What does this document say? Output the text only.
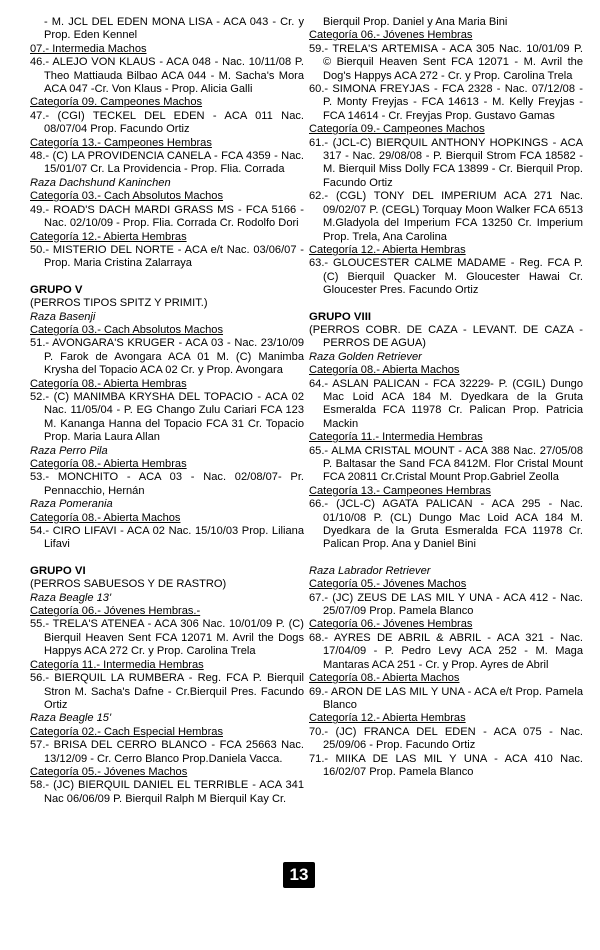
- M. JCL DEL EDEN MONA LISA - ACA 043 - Cr. y Prop. Eden Kennel
07.- Intermedia Machos
46.- ALEJO VON KLAUS - ACA 048 - Nac. 10/11/08 P. Theo Mattiauda Bilbao ACA 044 - M. Sacha's Mora ACA 047 -Cr. Von Klaus - Prop. Alicia Galli
Categoría 09. Campeones Machos
47.- (CGI) TECKEL DEL EDEN - ACA 011 Nac. 08/07/04 Prop. Facundo Ortiz
Categoría 13.- Campeones Hembras
48.- (C) LA PROVIDENCIA CANELA - FCA 4359 - Nac. 15/01/07 Cr. La Providencia - Prop. Flia. Corrada
Raza Dachshund Kaninchen
Categoría 03.- Cach Absolutos Machos
49.- ROAD'S DACH MARDI GRASS MS - FCA 5166 - Nac. 02/10/09 - Prop. Flia. Corrada Cr. Rodolfo Dori
Categoría 12.- Abierta Hembras
50.- MISTERIO DEL NORTE - ACA e/t Nac. 03/06/07 - Prop. Maria Cristina Zalarraya
GRUPO V
(PERROS TIPOS SPITZ Y PRIMIT.)
Raza Basenji
Categoría 03.- Cach Absolutos Machos
51.- AVONGARA'S KRUGER - ACA 03 - Nac. 23/10/09 P. Farok de Avongara ACA 01 M. (C) Manimba Krysha del Topacio ACA 02 Cr. y Prop. Avongara
Categoría 08.- Abierta Hembras
52.- (C) MANIMBA KRYSHA DEL TOPACIO - ACA 02 Nac. 11/05/04 - P. EG Chango Zulu Cariari FCA 123 M. Kananga Hanna del Topacio FCA 31 Cr. Topacio Prop. Maria Laura Allan
Raza Perro Pila
Categoría 08.- Abierta Hembras
53.- MONCHITO - ACA 03 - Nac. 02/08/07- Pr. Pennacchio, Hernán
Raza Pomerania
Categoría 08.- Abierta Machos
54.- CIRO LIFAVI - ACA 02 Nac. 15/10/03 Prop. Liliana Lifavi
GRUPO VI
(PERROS SABUESOS Y DE RASTRO)
Raza Beagle 13'
Categoría 06.- Jóvenes Hembras.-
55.- TRELA'S ATENEA - ACA 306 Nac. 10/01/09 P. (C) Bierquil Heaven Sent FCA 12071 M. Avril the Dogs Happys ACA 272 Cr. y Prop. Carolina Trela
Categoría 11.- Intermedia Hembras
56.- BIERQUIL LA RUMBERA - Reg. FCA P. Bierquil Stron M. Sacha's Dafne - Cr.Bierquil Pres. Facundo Ortiz
Raza Beagle 15'
Categoría 02.- Cach Especial Hembras
57.- BRISA DEL CERRO BLANCO - FCA 25663 Nac. 13/12/09 - Cr. Cerro Blanco Prop.Daniela Vacca.
Categoría 05.- Jóvenes Machos
58.- (JC) BIERQUIL DANIEL EL TERRIBLE - ACA 341 Nac 06/06/09 P. Bierquil Ralph M Bierquil Kay Cr.
Bierquil Prop. Daniel y Ana Maria Bini
Categoría 06.- Jóvenes Hembras
59.- TRELA'S ARTEMISA - ACA 305 Nac. 10/01/09 P. © Bierquil Heaven Sent FCA 12071 - M. Avril the Dog's Happys ACA 272 - Cr. y Prop. Carolina Trela
60.- SIMONA FREYJAS - FCA 2328 - Nac. 07/12/08 - P. Monty Freyjas - FCA 14613 - M. Kelly Freyjas - FCA 14614 - Cr. Freyjas Prop. Gustavo Gamas
Categoría 09.- Campeones Machos
61.- (JCL-C) BIERQUIL ANTHONY HOPKINGS - ACA 317 - Nac. 29/08/08 - P. Bierquil Strom FCA 18582 - M. Bierquil Miss Dolly FCA 13899 - Cr. Bierquil Prop. Facundo Ortiz
62.- (CGL) TONY DEL IMPERIUM ACA 271 Nac. 09/02/07 P. (CEGL) Torquay Moon Walker FCA 6513 M.Gladyola del Imperium FCA 13250 Cr. Imperium Prop. Trela, Ana Carolina
Categoría 12.- Abierta Hembras
63.- GLOUCESTER CALME MADAME - Reg. FCA P. (C) Bierquil Quacker M. Gloucester Hawai Cr. Gloucester Pres. Facundo Ortiz
GRUPO VIII
(PERROS COBR. DE CAZA - LEVANT. DE CAZA - PERROS DE AGUA)
Raza Golden Retriever
Categoría 08.- Abierta Machos
64.- ASLAN PALICAN - FCA 32229- P. (CGIL) Dungo Mac Loid ACA 184 M. Dyedkara de la Gruta Esmeralda FCA 11978 Cr. Palican Prop. Patricia Mackin
Categoría 11.- Intermedia Hembras
65.- ALMA CRISTAL MOUNT - ACA 388 Nac. 27/05/08 P. Baltasar the Sand FCA 8412M. Flor Cristal Mount FCA 20811 Cr.Cristal Mount Prop.Gabriel Zeolla
Categoría 13.- Campeones Hembras
66.- (JCL-C) AGATA PALICAN - ACA 295 - Nac. 01/10/08 P. (CL) Dungo Mac Loid ACA 184 M. Dyedkara de la Gruta Esmeralda FCA 11978 Cr. Palican Prop. Ana y Daniel Bini
Raza Labrador Retriever
Categoría 05.- Jóvenes Machos
67.- (JC) ZEUS DE LAS MIL Y UNA - ACA 412 - Nac. 25/07/09 Prop. Pamela Blanco
Categoría 06.- Jóvenes Hembras
68.- AYRES DE ABRIL & ABRIL - ACA 321 - Nac. 17/04/09 - P. Pedro Levy ACA 252 - M. Maga Mantaras ACA 251 - Cr. y Prop. Ayres de Abril
Categoría 08.- Abierta Machos
69.- ARON DE LAS MIL Y UNA - ACA e/t Prop. Pamela Blanco
Categoría 12.- Abierta Hembras
70.- (JC) FRANCA DEL EDEN - ACA 075 - Nac. 25/09/06 - Prop. Facundo Ortiz
71.- MIIKA DE LAS MIL Y UNA - ACA 410 Nac. 16/02/07 Prop. Pamela Blanco
13
